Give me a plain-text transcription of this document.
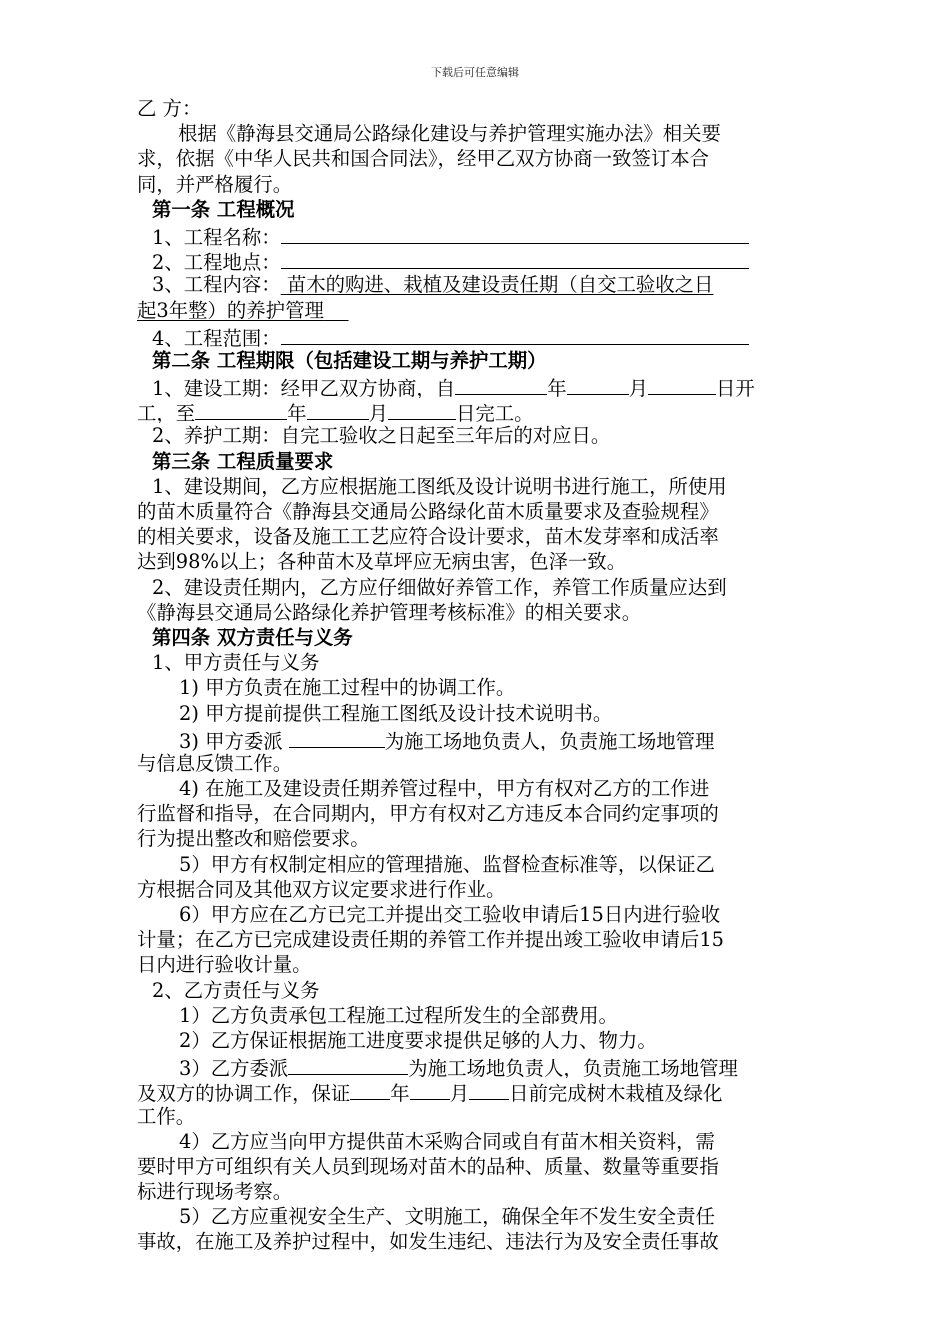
下载后可任意编辑
乙 方：
根据《静海县交通局公路绿化建设与养护管理实施办法》相关要
求，依据《中华人民共和国合同法》，经甲乙双方协商一致签订本合
同，并严格履行。
第一条 工程概况
1、工程名称：
2、工程地点：
3、工程内容： 苗木的购进、栽植及建设责任期（自交工验收之日
起3年整）的养护管理
4、工程范围：
第二条 工程期限（包括建设工期与养护工期）
1、建设工期：经甲乙双方协商，自	年	月	日开
工，至	年	月	日完工。
2、养护工期：自完工验收之日起至三年后的对应日。
第三条 工程质量要求
1、建设期间，乙方应根据施工图纸及设计说明书进行施工，所使用
的苗木质量符合《静海县交通局公路绿化苗木质量要求及查验规程》
的相关要求，设备及施工工艺应符合设计要求，苗木发芽率和成活率
达到98%以上；各种苗木及草坪应无病虫害，色泽一致。
2、建设责任期内，乙方应仔细做好养管工作，养管工作质量应达到
《静海县交通局公路绿化养护管理考核标准》的相关要求。
第四条 双方责任与义务
1、甲方责任与义务
1) 甲方负责在施工过程中的协调工作。
2) 甲方提前提供工程施工图纸及设计技术说明书。
3) 甲方委派	为施工场地负责人，负责施工场地管理
与信息反馈工作。
4) 在施工及建设责任期养管过程中，甲方有权对乙方的工作进
行监督和指导，在合同期内，甲方有权对乙方违反本合同约定事项的
行为提出整改和赔偿要求。
5）甲方有权制定相应的管理措施、监督检查标准等，以保证乙
方根据合同及其他双方议定要求进行作业。
6）甲方应在乙方已完工并提出交工验收申请后15日内进行验收
计量；在乙方已完成建设责任期的养管工作并提出竣工验收申请后15
日内进行验收计量。
2、乙方责任与义务
1）乙方负责承包工程施工过程所发生的全部费用。
2）乙方保证根据施工进度要求提供足够的人力、物力。
3）乙方委派	为施工场地负责人，负责施工场地管理
及双方的协调工作，保证 年 月 日前完成树木栽植及绿化
工作。
4）乙方应当向甲方提供苗木采购合同或自有苗木相关资料，需
要时甲方可组织有关人员到现场对苗木的品种、质量、数量等重要指
标进行现场考察。
5）乙方应重视安全生产、文明施工，确保全年不发生安全责任
事故，在施工及养护过程中，如发生违纪、违法行为及安全责任事故
